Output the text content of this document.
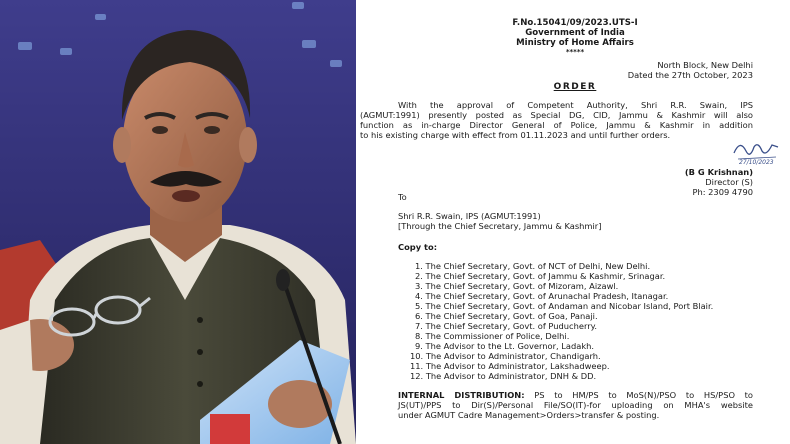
F.No.15041/09/2023.UTS-I
Government of India
Ministry of Home Affairs
*****
North Block, New Delhi
Dated the 27th October, 2023
ORDER
With the approval of Competent Authority, Shri R.R. Swain, IPS
(AGMUT:1991) presently posted as Special DG, CID, Jammu & Kashmir will also
function as in-charge Director General of Police, Jammu & Kashmir in addition
to his existing charge with effect from 01.11.2023 and until further orders.
27/10/2023
(B G Krishnan)
Director (S)
Ph: 2309 4790
To
Shri R.R. Swain, IPS (AGMUT:1991)
[Through the Chief Secretary, Jammu & Kashmir]
Copy to:
1. The Chief Secretary, Govt. of NCT of Delhi, New Delhi.
2. The Chief Secretary, Govt. of Jammu & Kashmir, Srinagar.
3. The Chief Secretary, Govt. of Mizoram, Aizawl.
4. The Chief Secretary, Govt. of Arunachal Pradesh, Itanagar.
5. The Chief Secretary, Govt. of Andaman and Nicobar Island, Port Blair.
6. The Chief Secretary, Govt. of Goa, Panaji.
7. The Chief Secretary, Govt. of Puducherry.
8. The Commissioner of Police, Delhi.
9. The Advisor to the Lt. Governor, Ladakh.
10. The Advisor to Administrator, Chandigarh.
11. The Advisor to Administrator, Lakshadweep.
12. The Advisor to Administrator, DNH & DD.
INTERNAL DISTRIBUTION: PS to HM/PS to MoS(N)/PSO to HS/PSO to
JS(UT)/PPS to Dir(S)/Personal File/SO(IT)-for uploading on MHA's website
under AGMUT Cadre Management>Orders>transfer & posting.
